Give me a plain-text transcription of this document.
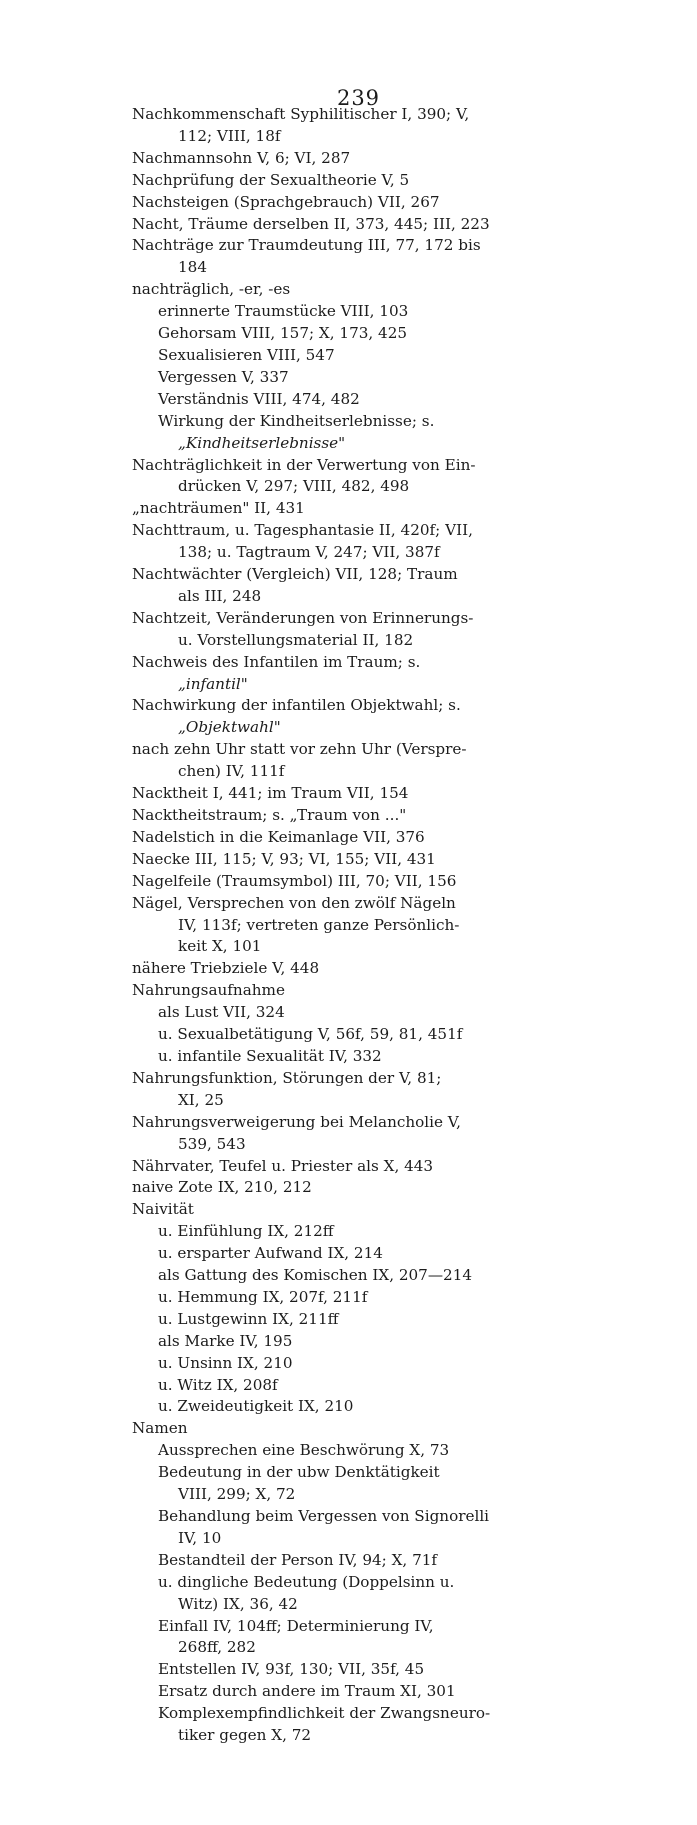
239

Nachkommenschaft Syphilitischer I, 390; V,

112; VIII, 18f

Nachmannsohn V, 6; VI, 287

Nachprüfung der Sexualtheorie V, 5

Nachsteigen (Sprachgebrauch) VII, 267

Nacht, Träume derselben II, 373, 445; III, 223

Nachträge zur Traumdeutung III, 77, 172 bis

184

nachträglich, -er, -es

erinnerte Traumstücke VIII, 103

Gehorsam VIII, 157; X, 173, 425

Sexualisieren VIII, 547

Vergessen V, 337

Verständnis VIII, 474, 482

Wirkung der Kindheitserlebnisse; s.

„Kindheitserlebnisse"

Nachträglichkeit in der Verwertung von Ein-

drücken V, 297; VIII, 482, 498

„nachträumen" II, 431

Nachttraum, u. Tagesphantasie II, 420f; VII,

138; u. Tagtraum V, 247; VII, 387f

Nachtwächter (Vergleich) VII, 128; Traum

als III, 248

Nachtzeit, Veränderungen von Erinnerungs-

u. Vorstellungsmaterial II, 182

Nachweis des Infantilen im Traum; s.

„infantil"

Nachwirkung der infantilen Objektwahl; s.

„Objektwahl"

nach zehn Uhr statt vor zehn Uhr (Verspre-

chen) IV, 111f

Nacktheit I, 441; im Traum VII, 154

Nacktheitstraum; s. „Traum von ..."

Nadelstich in die Keimanlage VII, 376

Naecke III, 115; V, 93; VI, 155; VII, 431

Nagelfeile (Traumsymbol) III, 70; VII, 156

Nägel, Versprechen von den zwölf Nägeln

IV, 113f; vertreten ganze Persönlich-

keit X, 101

nähere Triebziele V, 448

Nahrungsaufnahme

als Lust VII, 324

u. Sexualbetätigung V, 56f, 59, 81, 451f

u. infantile Sexualität IV, 332

Nahrungsfunktion, Störungen der V, 81;

XI, 25

Nahrungsverweigerung bei Melancholie V,

539, 543

Nährvater, Teufel u. Priester als X, 443

naive Zote IX, 210, 212

Naivität

u. Einfühlung IX, 212ff

u. ersparter Aufwand IX, 214

als Gattung des Komischen IX, 207—214

u. Hemmung IX, 207f, 211f

u. Lustgewinn IX, 211ff

als Marke IV, 195

u. Unsinn IX, 210

u. Witz IX, 208f

u. Zweideutigkeit IX, 210

Namen

Aussprechen eine Beschwörung X, 73

Bedeutung in der ubw Denktätigkeit

VIII, 299; X, 72

Behandlung beim Vergessen von Signorelli

IV, 10

Bestandteil der Person IV, 94; X, 71f

u. dingliche Bedeutung (Doppelsinn u.

Witz) IX, 36, 42

Einfall IV, 104ff; Determinierung IV,

268ff, 282

Entstellen IV, 93f, 130; VII, 35f, 45

Ersatz durch andere im Traum XI, 301

Komplexempfindlichkeit der Zwangsneuro-

tiker gegen X, 72
